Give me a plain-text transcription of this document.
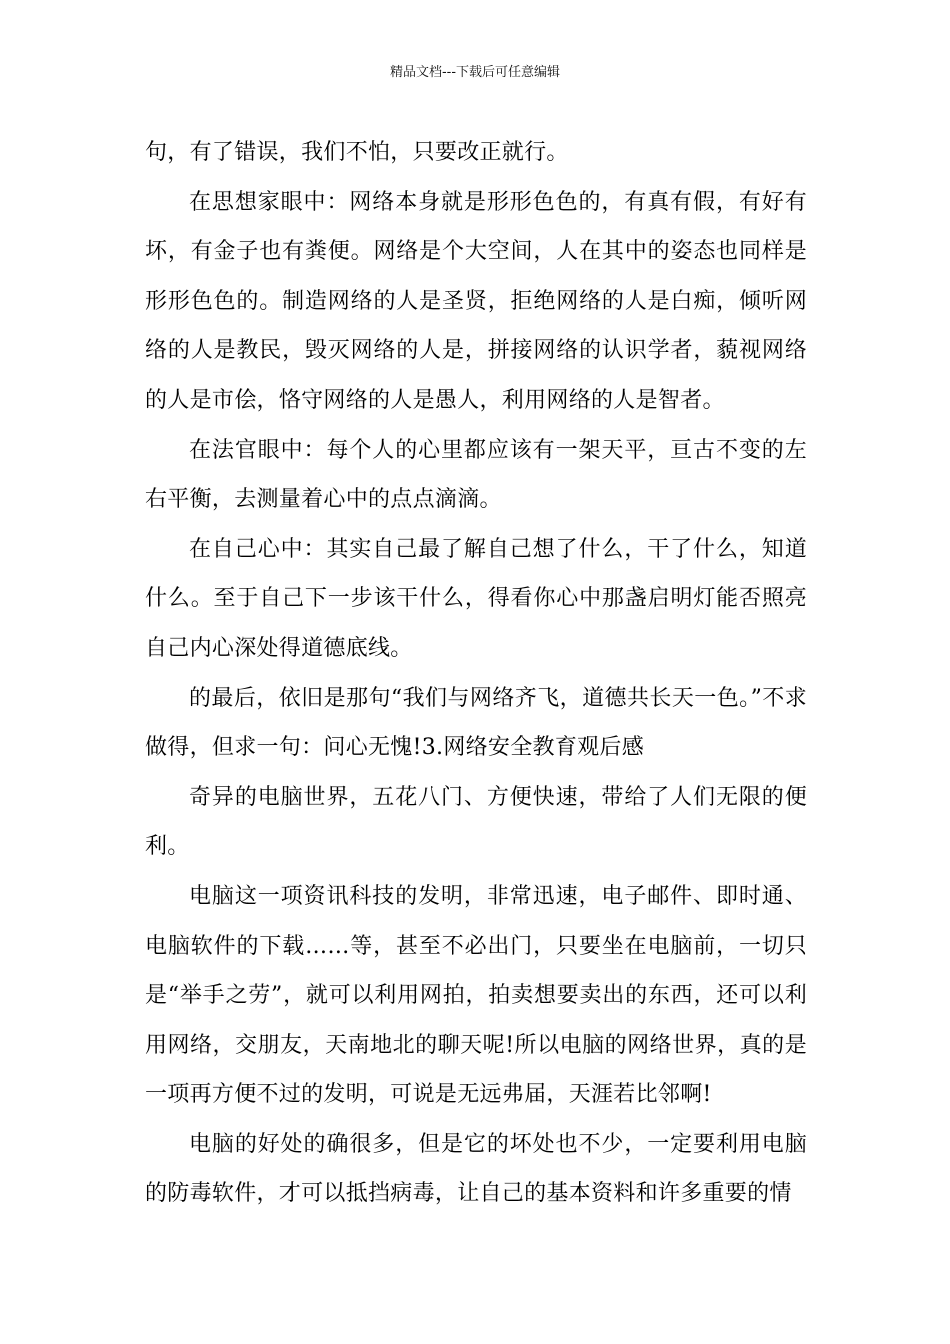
精品文档---下载后可任意编辑

句，有了错误，我们不怕，只要改正就行。

在思想家眼中：网络本身就是形形色色的，有真有假，有好有坏，有金子也有粪便。网络是个大空间，人在其中的姿态也同样是形形色色的。制造网络的人是圣贤，拒绝网络的人是白痴，倾听网络的人是教民，毁灭网络的人是，拼接网络的认识学者，藐视网络的人是市侩，恪守网络的人是愚人，利用网络的人是智者。

在法官眼中：每个人的心里都应该有一架天平，亘古不变的左右平衡，去测量着心中的点点滴滴。

在自己心中：其实自己最了解自己想了什么，干了什么，知道什么。至于自己下一步该干什么，得看你心中那盏启明灯能否照亮自己内心深处得道德底线。

的最后，依旧是那句“我们与网络齐飞，道德共长天一色。”不求做得，但求一句：问心无愧!3.网络安全教育观后感

奇异的电脑世界，五花八门、方便快速，带给了人们无限的便利。

电脑这一项资讯科技的发明，非常迅速，电子邮件、即时通、电脑软件的下载……等，甚至不必出门，只要坐在电脑前，一切只是“举手之劳”，就可以利用网拍，拍卖想要卖出的东西，还可以利用网络，交朋友，天南地北的聊天呢!所以电脑的网络世界，真的是一项再方便不过的发明，可说是无远弗届，天涯若比邻啊!

电脑的好处的确很多，但是它的坏处也不少，一定要利用电脑的防毒软件，才可以抵挡病毒，让自己的基本资料和许多重要的情
